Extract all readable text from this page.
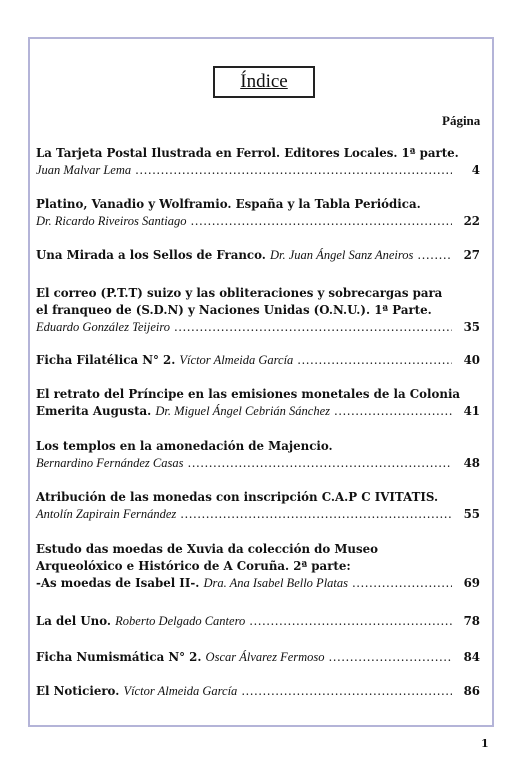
Índice
Página
La Tarjeta Postal Ilustrada en Ferrol. Editores Locales. 1ª parte.
Juan Malvar Lema .....	4
Platino, Vanadio y Wolframio. España y la Tabla Periódica.
Dr. Ricardo Riveiros Santiago .....	22
Una Mirada a los Sellos de Franco. Dr. Juan Ángel Sanz Aneiros .....	27
El correo (P.T.T) suizo y las obliteraciones y sobrecargas para
el franqueo de (S.D.N) y Naciones Unidas (O.N.U.). 1ª Parte.
Eduardo González Teijeiro .....	35
Ficha Filatélica N° 2. Víctor Almeida García .....	40
El retrato del Príncipe en las emisiones monetales de la Colonia
Emerita Augusta. Dr. Miguel Ángel Cebrián Sánchez .....	41
Los templos en la amonedación de Majencio.
Bernardino Fernández Casas .....	48
Atribución de las monedas con inscripción C.A.P C IVITATIS.
Antolín Zapirain Fernández .....	55
Estudo das moedas de Xuvia da colección do Museo
Arqueolóxico e Histórico de A Coruña. 2ª parte:
-As moedas de Isabel II-. Dra. Ana Isabel Bello Platas .....	69
La del Uno. Roberto Delgado Cantero .....	78
Ficha Numismática N° 2. Oscar Álvarez Fermoso .....	84
El Noticiero. Víctor Almeida García .....	86
1
